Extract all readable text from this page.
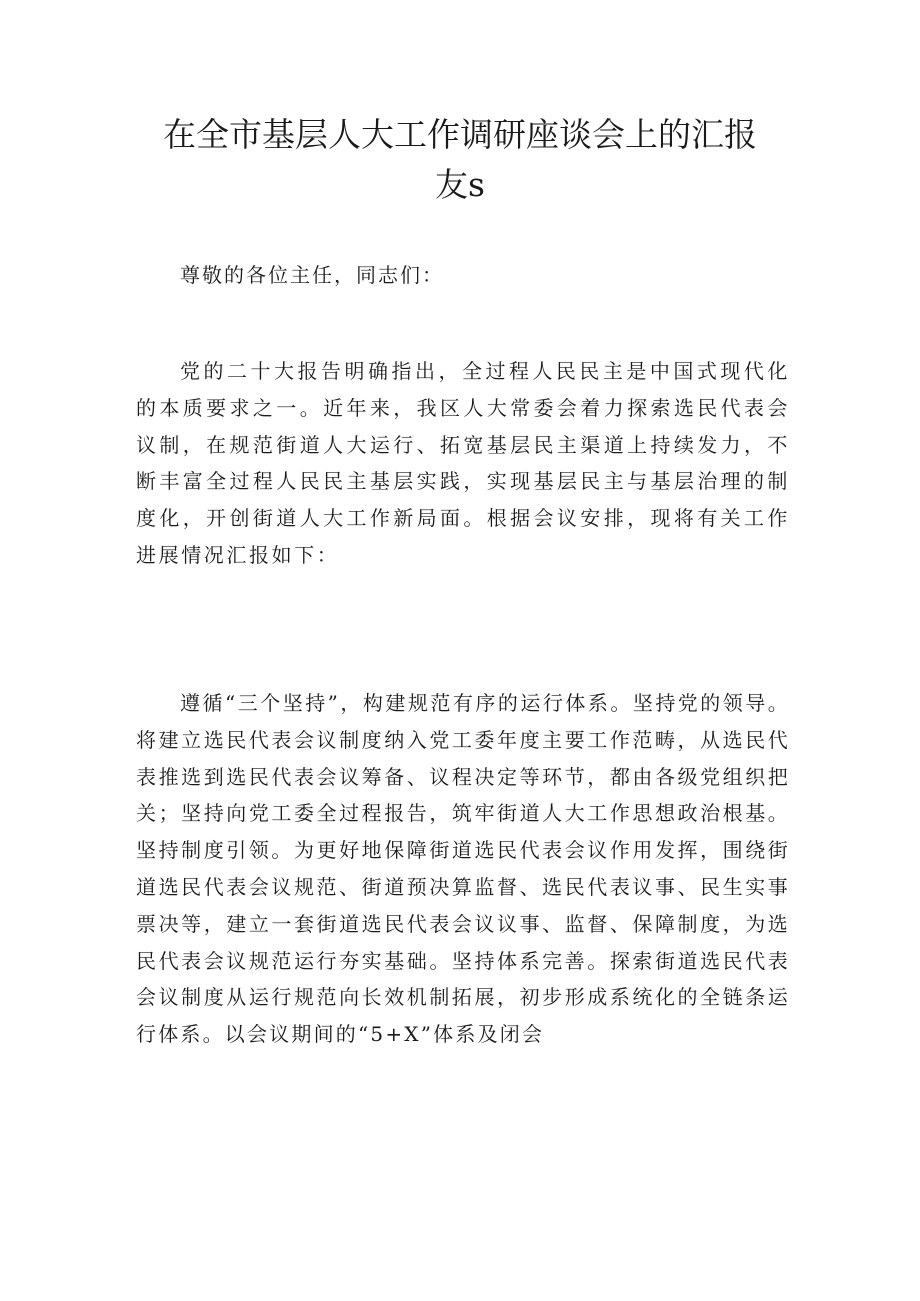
在全市基层人大工作调研座谈会上的汇报
友s

尊敬的各位主任，同志们：

党的二十大报告明确指出，全过程人民民主是中国式现代化的本质要求之一。近年来，我区人大常委会着力探索选民代表会议制，在规范街道人大运行、拓宽基层民主渠道上持续发力，不断丰富全过程人民民主基层实践，实现基层民主与基层治理的制度化，开创街道人大工作新局面。根据会议安排，现将有关工作进展情况汇报如下：

遵循“三个坚持”，构建规范有序的运行体系。坚持党的领导。将建立选民代表会议制度纳入党工委年度主要工作范畴，从选民代表推选到选民代表会议筹备、议程决定等环节，都由各级党组织把关；坚持向党工委全过程报告，筑牢街道人大工作思想政治根基。坚持制度引领。为更好地保障街道选民代表会议作用发挥，围绕街道选民代表会议规范、街道预决算监督、选民代表议事、民生实事票决等，建立一套街道选民代表会议议事、监督、保障制度，为选民代表会议规范运行夯实基础。坚持体系完善。探索街道选民代表会议制度从运行规范向长效机制拓展，初步形成系统化的全链条运行体系。以会议期间的“5+X”体系及闭会
